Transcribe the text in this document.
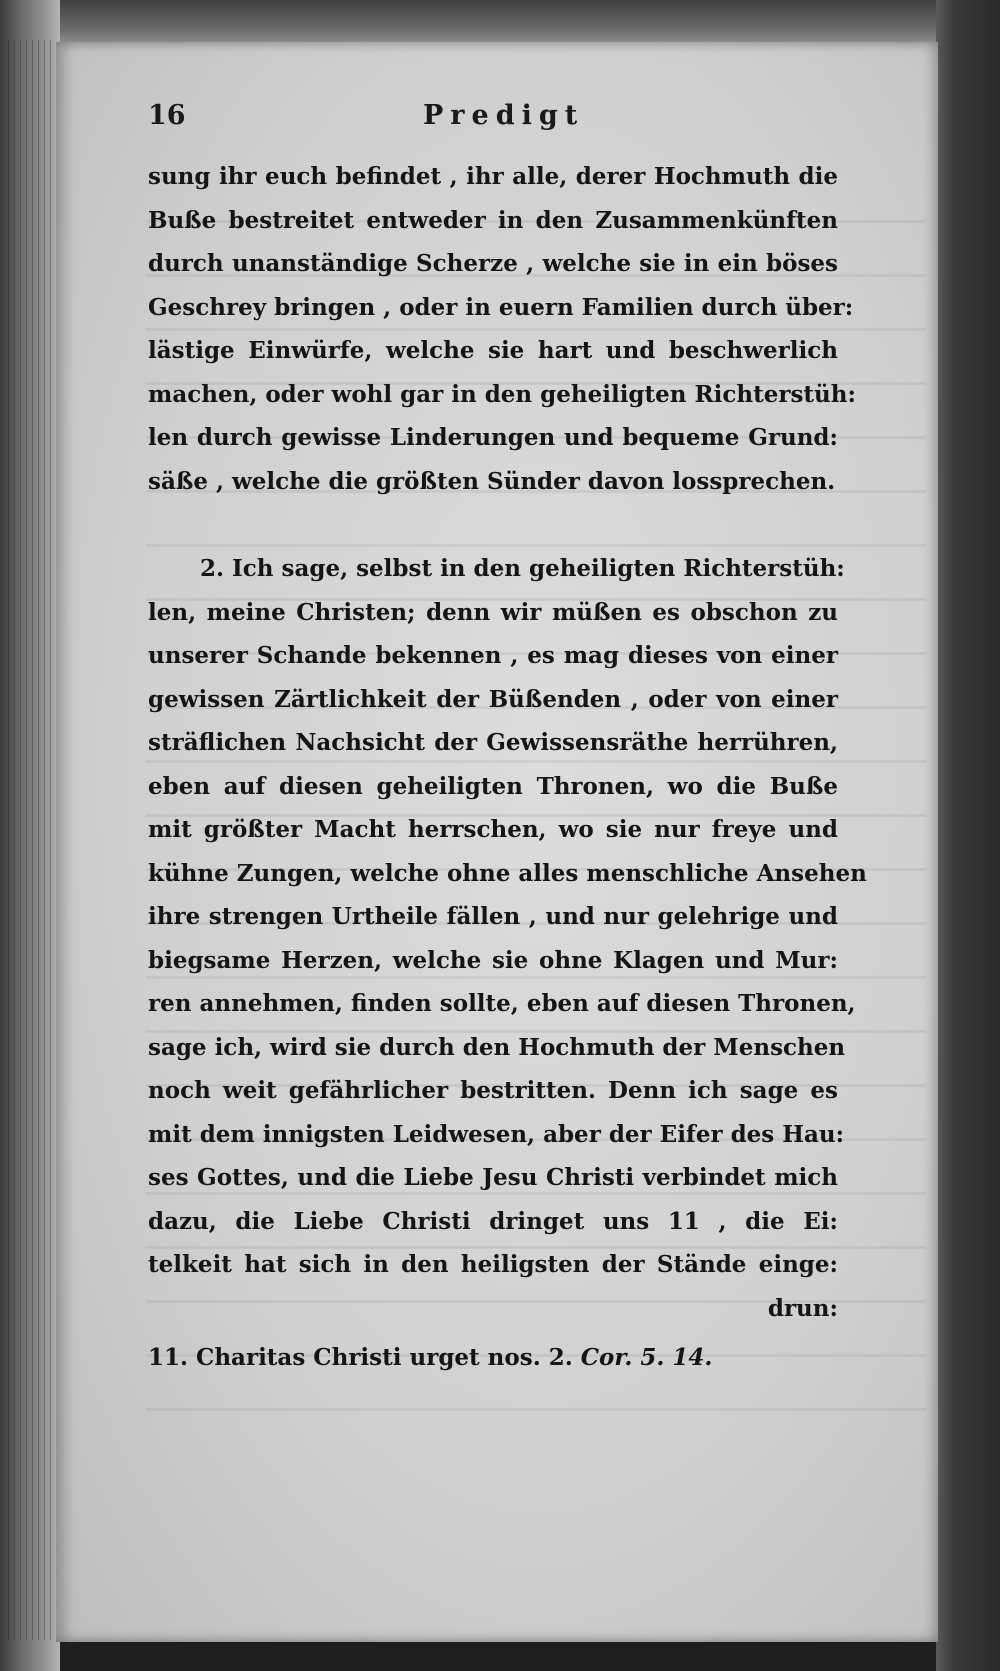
16	Predigt
sung ihr euch befindet , ihr alle, derer Hochmuth die
Buße bestreitet entweder in den Zusammenkünften
durch unanständige Scherze , welche sie in ein böses
Geschrey bringen , oder in euern Familien durch über:
lästige Einwürfe, welche sie hart und beschwerlich
machen, oder wohl gar in den geheiligten Richterstüh:
len durch gewisse Linderungen und bequeme Grund:
säße , welche die größten Sünder davon lossprechen.
2. Ich sage, selbst in den geheiligten Richterstüh:
len, meine Christen; denn wir müßen es obschon zu
unserer Schande bekennen , es mag dieses von einer
gewissen Zärtlichkeit der Büßenden , oder von einer
sträflichen Nachsicht der Gewissensräthe herrühren,
eben auf diesen geheiligten Thronen, wo die Buße
mit größter Macht herrschen, wo sie nur freye und
kühne Zungen, welche ohne alles menschliche Ansehen
ihre strengen Urtheile fällen , und nur gelehrige und
biegsame Herzen, welche sie ohne Klagen und Mur:
ren annehmen, finden sollte, eben auf diesen Thronen,
sage ich, wird sie durch den Hochmuth der Menschen
noch weit gefährlicher bestritten. Denn ich sage es
mit dem innigsten Leidwesen, aber der Eifer des Hau:
ses Gottes, und die Liebe Jesu Christi verbindet mich
dazu, die Liebe Christi dringet uns 11 , die Ei:
telkeit hat sich in den heiligsten der Stände einge:
drun:
11. Charitas Christi urget nos. 2. Cor. 5. 14.
